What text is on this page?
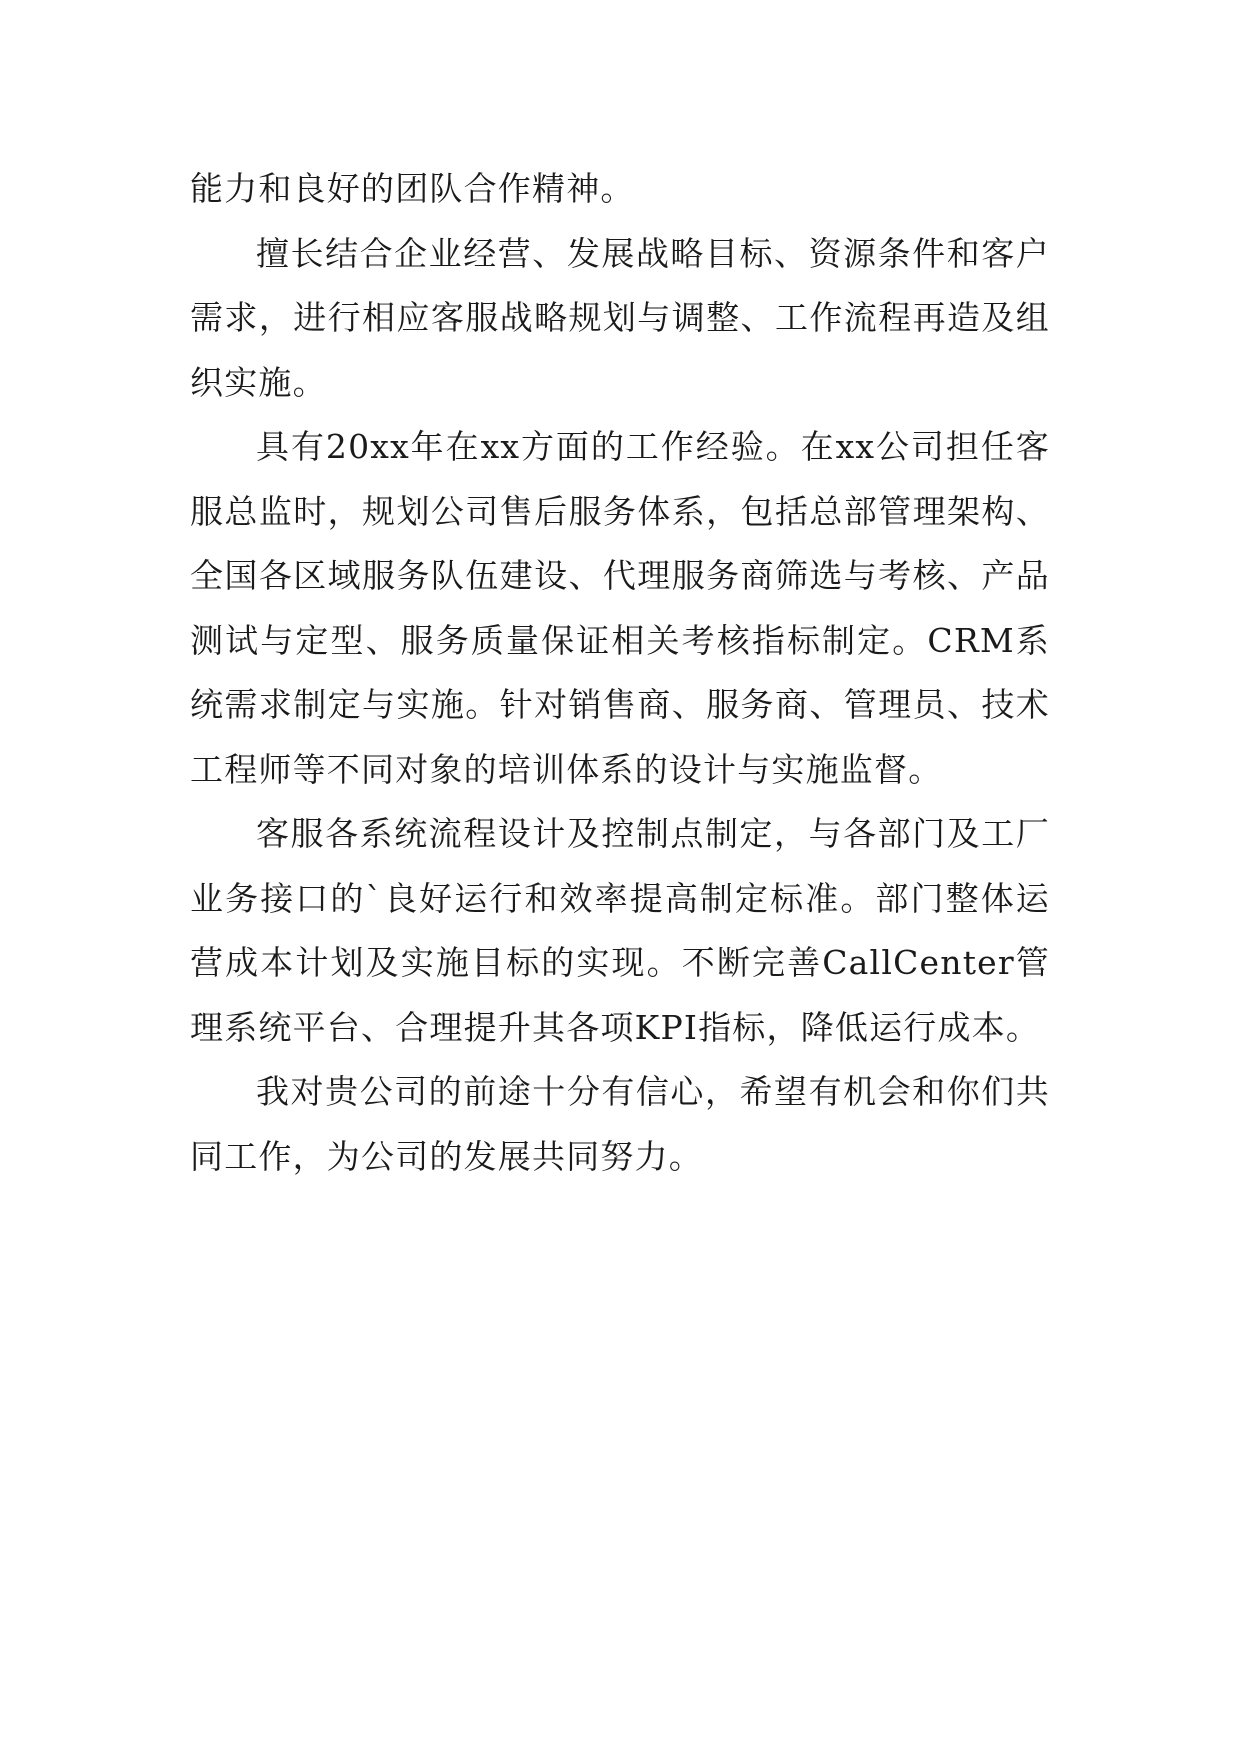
能力和良好的团队合作精神。

擅长结合企业经营、发展战略目标、资源条件和客户需求，进行相应客服战略规划与调整、工作流程再造及组织实施。

具有20xx年在xx方面的工作经验。在xx公司担任客服总监时，规划公司售后服务体系，包括总部管理架构、全国各区域服务队伍建设、代理服务商筛选与考核、产品测试与定型、服务质量保证相关考核指标制定。CRM系统需求制定与实施。针对销售商、服务商、管理员、技术工程师等不同对象的培训体系的设计与实施监督。

客服各系统流程设计及控制点制定，与各部门及工厂业务接口的`良好运行和效率提高制定标准。部门整体运营成本计划及实施目标的实现。不断完善CallCenter管理系统平台、合理提升其各项KPI指标，降低运行成本。

我对贵公司的前途十分有信心，希望有机会和你们共同工作，为公司的发展共同努力。
